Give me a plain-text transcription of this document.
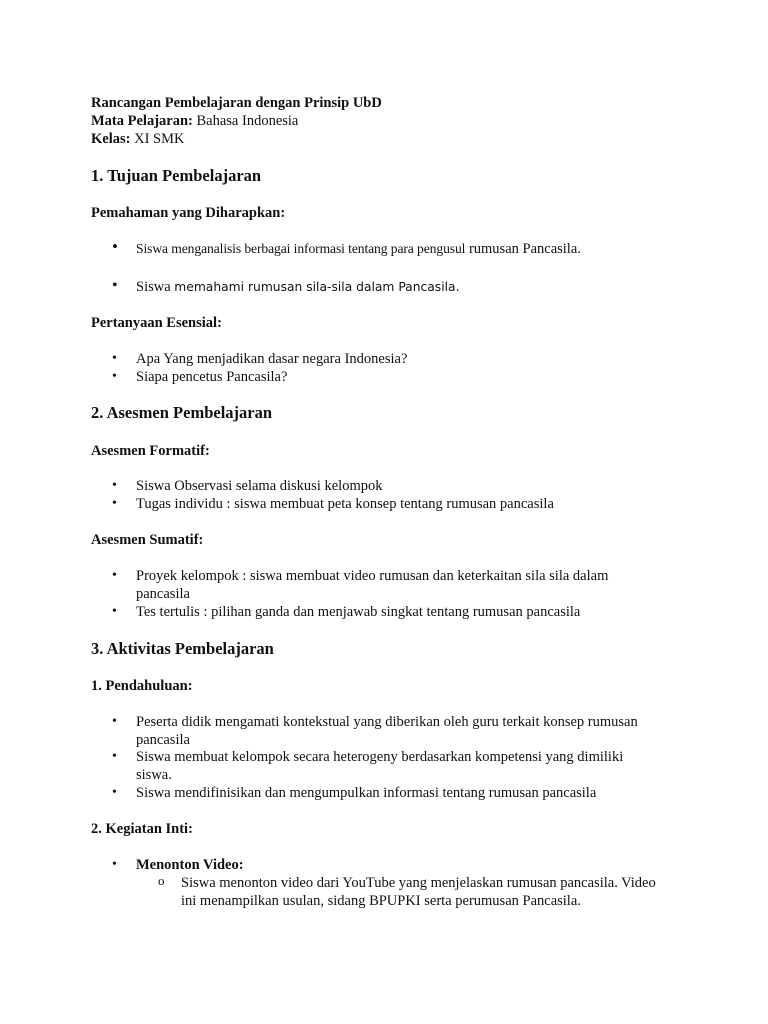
Rancangan Pembelajaran dengan Prinsip UbD
Mata Pelajaran: Bahasa Indonesia
Kelas: XI SMK
1. Tujuan Pembelajaran
Pemahaman yang Diharapkan:
• Siswa menganalisis berbagai informasi tentang para pengusul rumusan Pancasila.
• Siswa memahami rumusan sila-sila dalam Pancasila.
Pertanyaan Esensial:
• Apa Yang menjadikan dasar negara Indonesia?
• Siapa pencetus Pancasila?
2. Asesmen Pembelajaran
Asesmen Formatif:
• Siswa Observasi selama diskusi kelompok
• Tugas individu : siswa membuat peta konsep tentang rumusan pancasila
Asesmen Sumatif:
• Proyek kelompok : siswa membuat video rumusan dan keterkaitan sila sila dalam
pancasila
• Tes tertulis : pilihan ganda dan menjawab singkat tentang rumusan pancasila
3. Aktivitas Pembelajaran
1. Pendahuluan:
• Peserta didik mengamati kontekstual yang diberikan oleh guru terkait konsep rumusan
pancasila
• Siswa membuat kelompok secara heterogeny berdasarkan kompetensi yang dimiliki
siswa.
• Siswa mendifinisikan dan mengumpulkan informasi tentang rumusan pancasila
2. Kegiatan Inti:
• Menonton Video:
o Siswa menonton video dari YouTube yang menjelaskan rumusan pancasila. Video
ini menampilkan usulan, sidang BPUPKI serta perumusan Pancasila.
